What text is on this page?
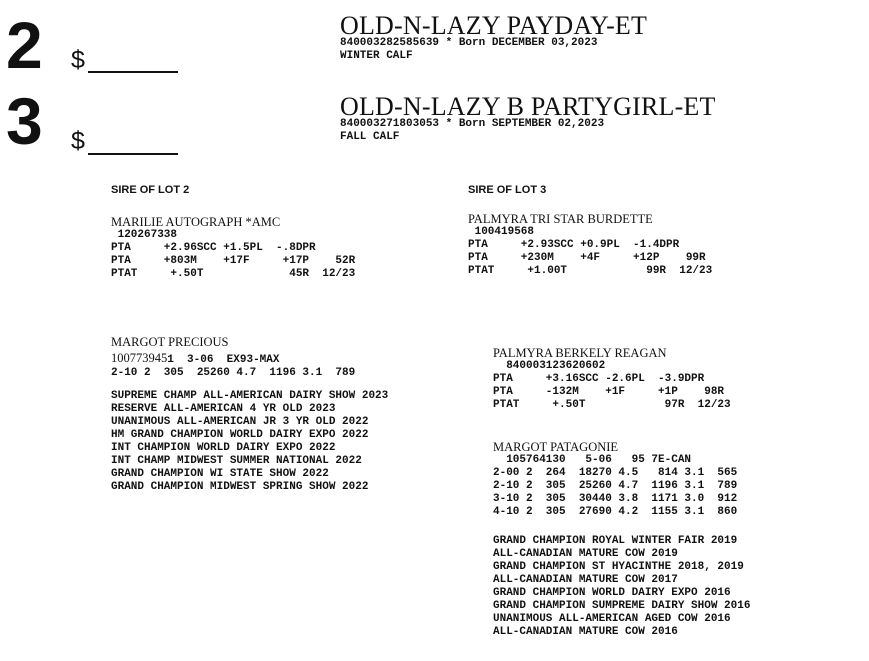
2 $
OLD-N-LAZY PAYDAY-ET
840003282585639 * Born DECEMBER 03,2023
WINTER CALF
3 $
OLD-N-LAZY B PARTYGIRL-ET
840003271803053 * Born SEPTEMBER 02,2023
FALL CALF
SIRE OF LOT 2
MARILIE AUTOGRAPH *AMC
120267338
PTA     +2.96SCC +1.5PL  -.8DPR
PTA     +803M    +17F     +17P    52R
PTAT     +.50T             45R  12/23
SIRE OF LOT 3
PALMYRA TRI STAR BURDETTE
100419568
PTA     +2.93SCC +0.9PL  -1.4DPR
PTA     +230M    +4F     +12P    99R
PTAT     +1.00T            99R  12/23
MARGOT PRECIOUS
1007739451  3-06  EX93-MAX
2-10 2  305  25260 4.7  1196 3.1  789
SUPREME CHAMP ALL-AMERICAN DAIRY SHOW 2023
RESERVE ALL-AMERICAN 4 YR OLD 2023
UNANIMOUS ALL-AMERICAN JR 3 YR OLD 2022
HM GRAND CHAMPION WORLD DAIRY EXPO 2022
INT CHAMPION WORLD DAIRY EXPO 2022
INT CHAMP MIDWEST SUMMER NATIONAL 2022
GRAND CHAMPION WI STATE SHOW 2022
GRAND CHAMPION MIDWEST SPRING SHOW 2022
PALMYRA BERKELY REAGAN
840003123620602
PTA     +3.16SCC -2.6PL  -3.9DPR
PTA     -132M    +1F     +1P    98R
PTAT     +.50T            97R  12/23
MARGOT PATAGONIE
105764130   5-06   95 7E-CAN
2-00 2  264  18270 4.5   814 3.1  565
2-10 2  305  25260 4.7  1196 3.1  789
3-10 2  305  30440 3.8  1171 3.0  912
4-10 2  305  27690 4.2  1155 3.1  860
GRAND CHAMPION ROYAL WINTER FAIR 2019
ALL-CANADIAN MATURE COW 2019
GRAND CHAMPION ST HYACINTHE 2018, 2019
ALL-CANADIAN MATURE COW 2017
GRAND CHAMPION WORLD DAIRY EXPO 2016
GRAND CHAMPION SUMPREME DAIRY SHOW 2016
UNANIMOUS ALL-AMERICAN AGED COW 2016
ALL-CANADIAN MATURE COW 2016
